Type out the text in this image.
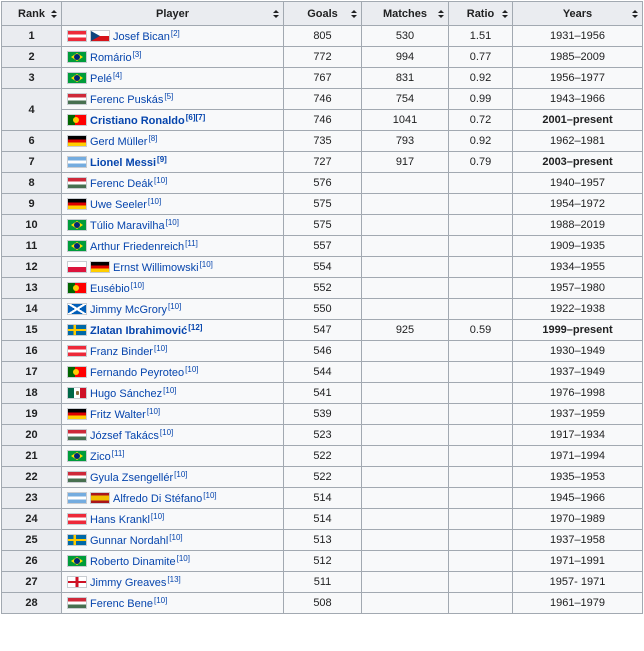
Rank	Player	Goals	Matches	Ratio	Years

1	Josef Bican[2]	805	530	1.51	1931–1956
2	Romário[3]	772	994	0.77	1985–2009
3	Pelé[4]	767	831	0.92	1956–1977
4	Ferenc Puskás[5]	746	754	0.99	1943–1966
	Cristiano Ronaldo[6][7]	746	1041	0.72	2001–present
6	Gerd Müller[8]	735	793	0.92	1962–1981
7	Lionel Messi[9]	727	917	0.79	2003–present
8	Ferenc Deák[10]	576			1940–1957
9	Uwe Seeler[10]	575			1954–1972
10	Túlio Maravilha[10]	575			1988–2019
11	Arthur Friedenreich[11]	557			1909–1935
12	Ernst Willimowski[10]	554			1934–1955
13	Eusébio[10]	552			1957–1980
14	Jimmy McGrory[10]	550			1922–1938
15	Zlatan Ibrahimović[12]	547	925	0.59	1999–present
16	Franz Binder[10]	546			1930–1949
17	Fernando Peyroteo[10]	544			1937–1949
18	Hugo Sánchez[10]	541			1976–1998
19	Fritz Walter[10]	539			1937–1959
20	József Takács[10]	523			1917–1934
21	Zico[11]	522			1971–1994
22	Gyula Zsengellér[10]	522			1935–1953
23	Alfredo Di Stéfano[10]	514			1945–1966
24	Hans Krankl[10]	514			1970–1989
25	Gunnar Nordahl[10]	513			1937–1958
26	Roberto Dinamite[10]	512			1971–1991
27	Jimmy Greaves[13]	511			1957- 1971
28	Ferenc Bene[10]	508			1961–1979
